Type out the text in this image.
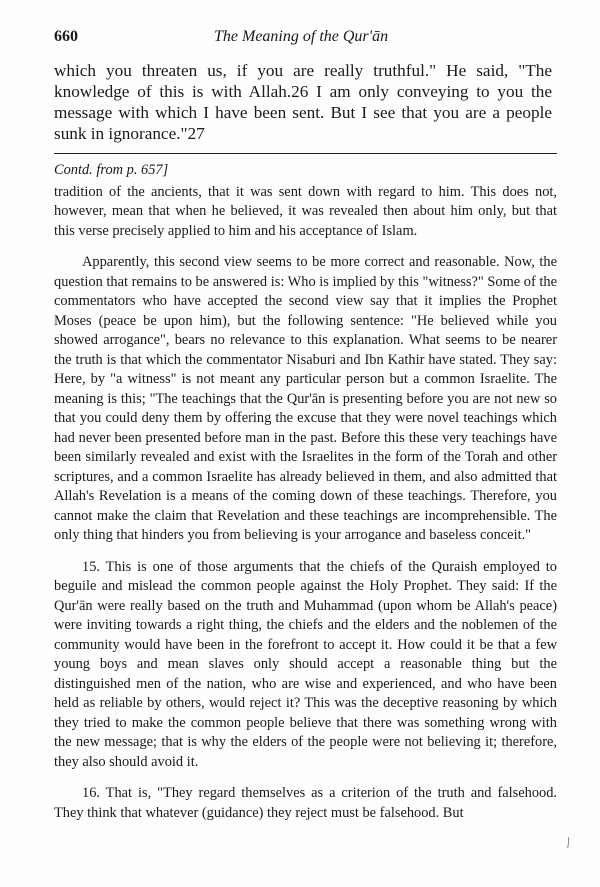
660	The Meaning of the Qur'ān

which you threaten us, if you are really truthful." He said, "The knowledge of this is with Allah.26 I am only conveying to you the message with which I have been sent. But I see that you are a people sunk in ignorance."27

Contd. from p. 657]

tradition of the ancients, that it was sent down with regard to him. This does not, however, mean that when he believed, it was revealed then about him only, but that this verse precisely applied to him and his acceptance of Islam.

Apparently, this second view seems to be more correct and reasonable. Now, the question that remains to be answered is: Who is implied by this "witness?" Some of the commentators who have accepted the second view say that it implies the Prophet Moses (peace be upon him), but the following sentence: "He believed while you showed arrogance", bears no relevance to this explanation. What seems to be nearer the truth is that which the commentator Nisaburi and Ibn Kathir have stated. They say: Here, by "a witness" is not meant any particular person but a common Israelite. The meaning is this; "The teachings that the Qur'ān is presenting before you are not new so that you could deny them by offering the excuse that they were novel teachings which had never been presented before man in the past. Before this these very teachings have been similarly revealed and exist with the Israelites in the form of the Torah and other scriptures, and a common Israelite has already believed in them, and also admitted that Allah's Revelation is a means of the coming down of these teachings. Therefore, you cannot make the claim that Revelation and these teachings are incomprehensible. The only thing that hinders you from believing is your arrogance and baseless conceit."

15. This is one of those arguments that the chiefs of the Quraish employed to beguile and mislead the common people against the Holy Prophet. They said: If the Qur'ān were really based on the truth and Muhammad (upon whom be Allah's peace) were inviting towards a right thing, the chiefs and the elders and the noblemen of the community would have been in the forefront to accept it. How could it be that a few young boys and mean slaves only should accept a reasonable thing but the distinguished men of the nation, who are wise and experienced, and who have been held as reliable by others, would reject it? This was the deceptive reasoning by which they tried to make the common people believe that there was something wrong with the new message; that is why the elders of the people were not believing it; therefore, they also should avoid it.

16. That is, "They regard themselves as a criterion of the truth and falsehood. They think that whatever (guidance) they reject must be falsehood. But

⁄
